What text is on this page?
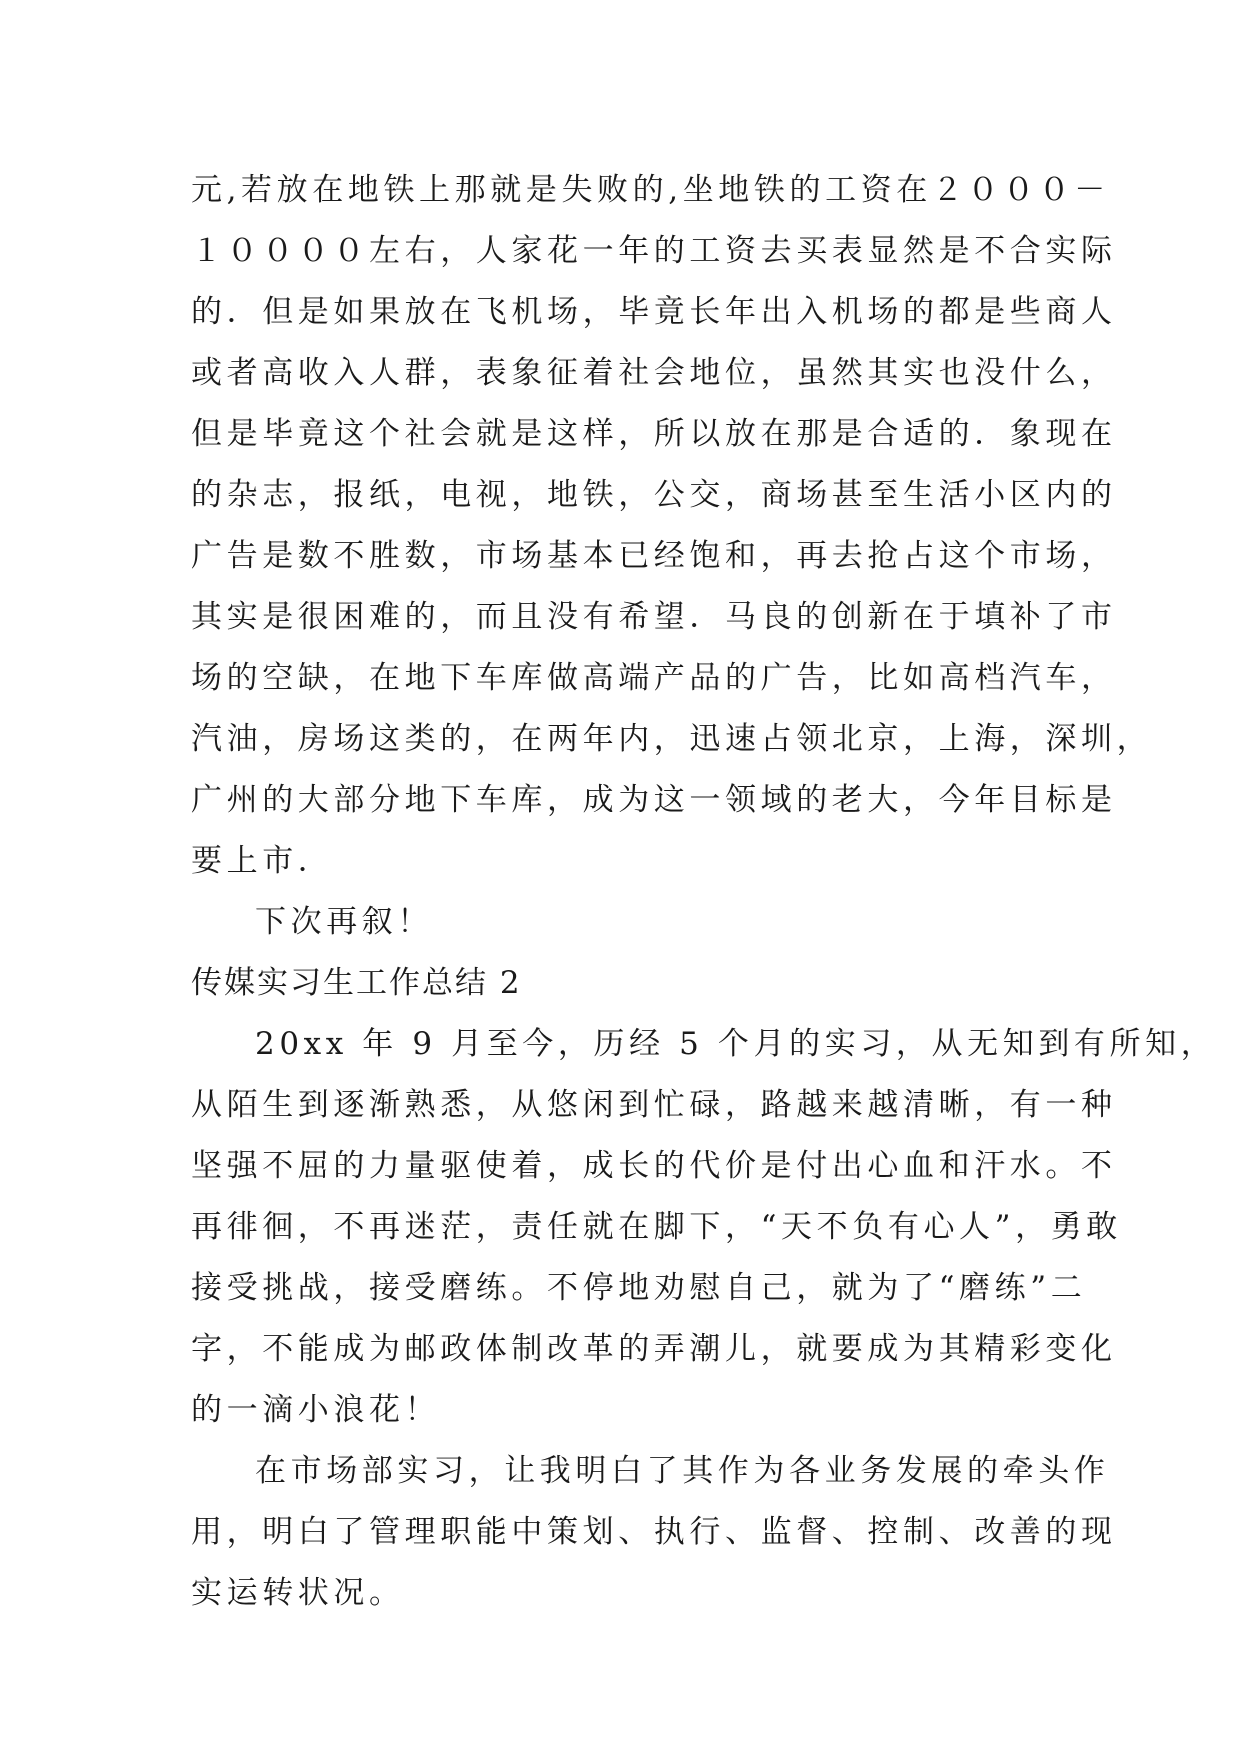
元,若放在地铁上那就是失败的,坐地铁的工资在２０００－
１００００左右，人家花一年的工资去买表显然是不合实际
的．但是如果放在飞机场，毕竟长年出入机场的都是些商人
或者高收入人群，表象征着社会地位，虽然其实也没什么，
但是毕竟这个社会就是这样，所以放在那是合适的．象现在
的杂志，报纸，电视，地铁，公交，商场甚至生活小区内的
广告是数不胜数，市场基本已经饱和，再去抢占这个市场，
其实是很困难的，而且没有希望．马良的创新在于填补了市
场的空缺，在地下车库做高端产品的广告，比如高档汽车，
汽油，房场这类的，在两年内，迅速占领北京，上海，深圳，
广州的大部分地下车库，成为这一领域的老大，今年目标是
要上市．
下次再叙！
传媒实习生工作总结 2
20xx 年 9 月至今，历经 5 个月的实习，从无知到有所知，
从陌生到逐渐熟悉，从悠闲到忙碌，路越来越清晰，有一种
坚强不屈的力量驱使着，成长的代价是付出心血和汗水。不
再徘徊，不再迷茫，责任就在脚下，“天不负有心人”，勇敢
接受挑战，接受磨练。不停地劝慰自己，就为了“磨练”二
字，不能成为邮政体制改革的弄潮儿，就要成为其精彩变化
的一滴小浪花！
在市场部实习，让我明白了其作为各业务发展的牵头作
用，明白了管理职能中策划、执行、监督、控制、改善的现
实运转状况。
